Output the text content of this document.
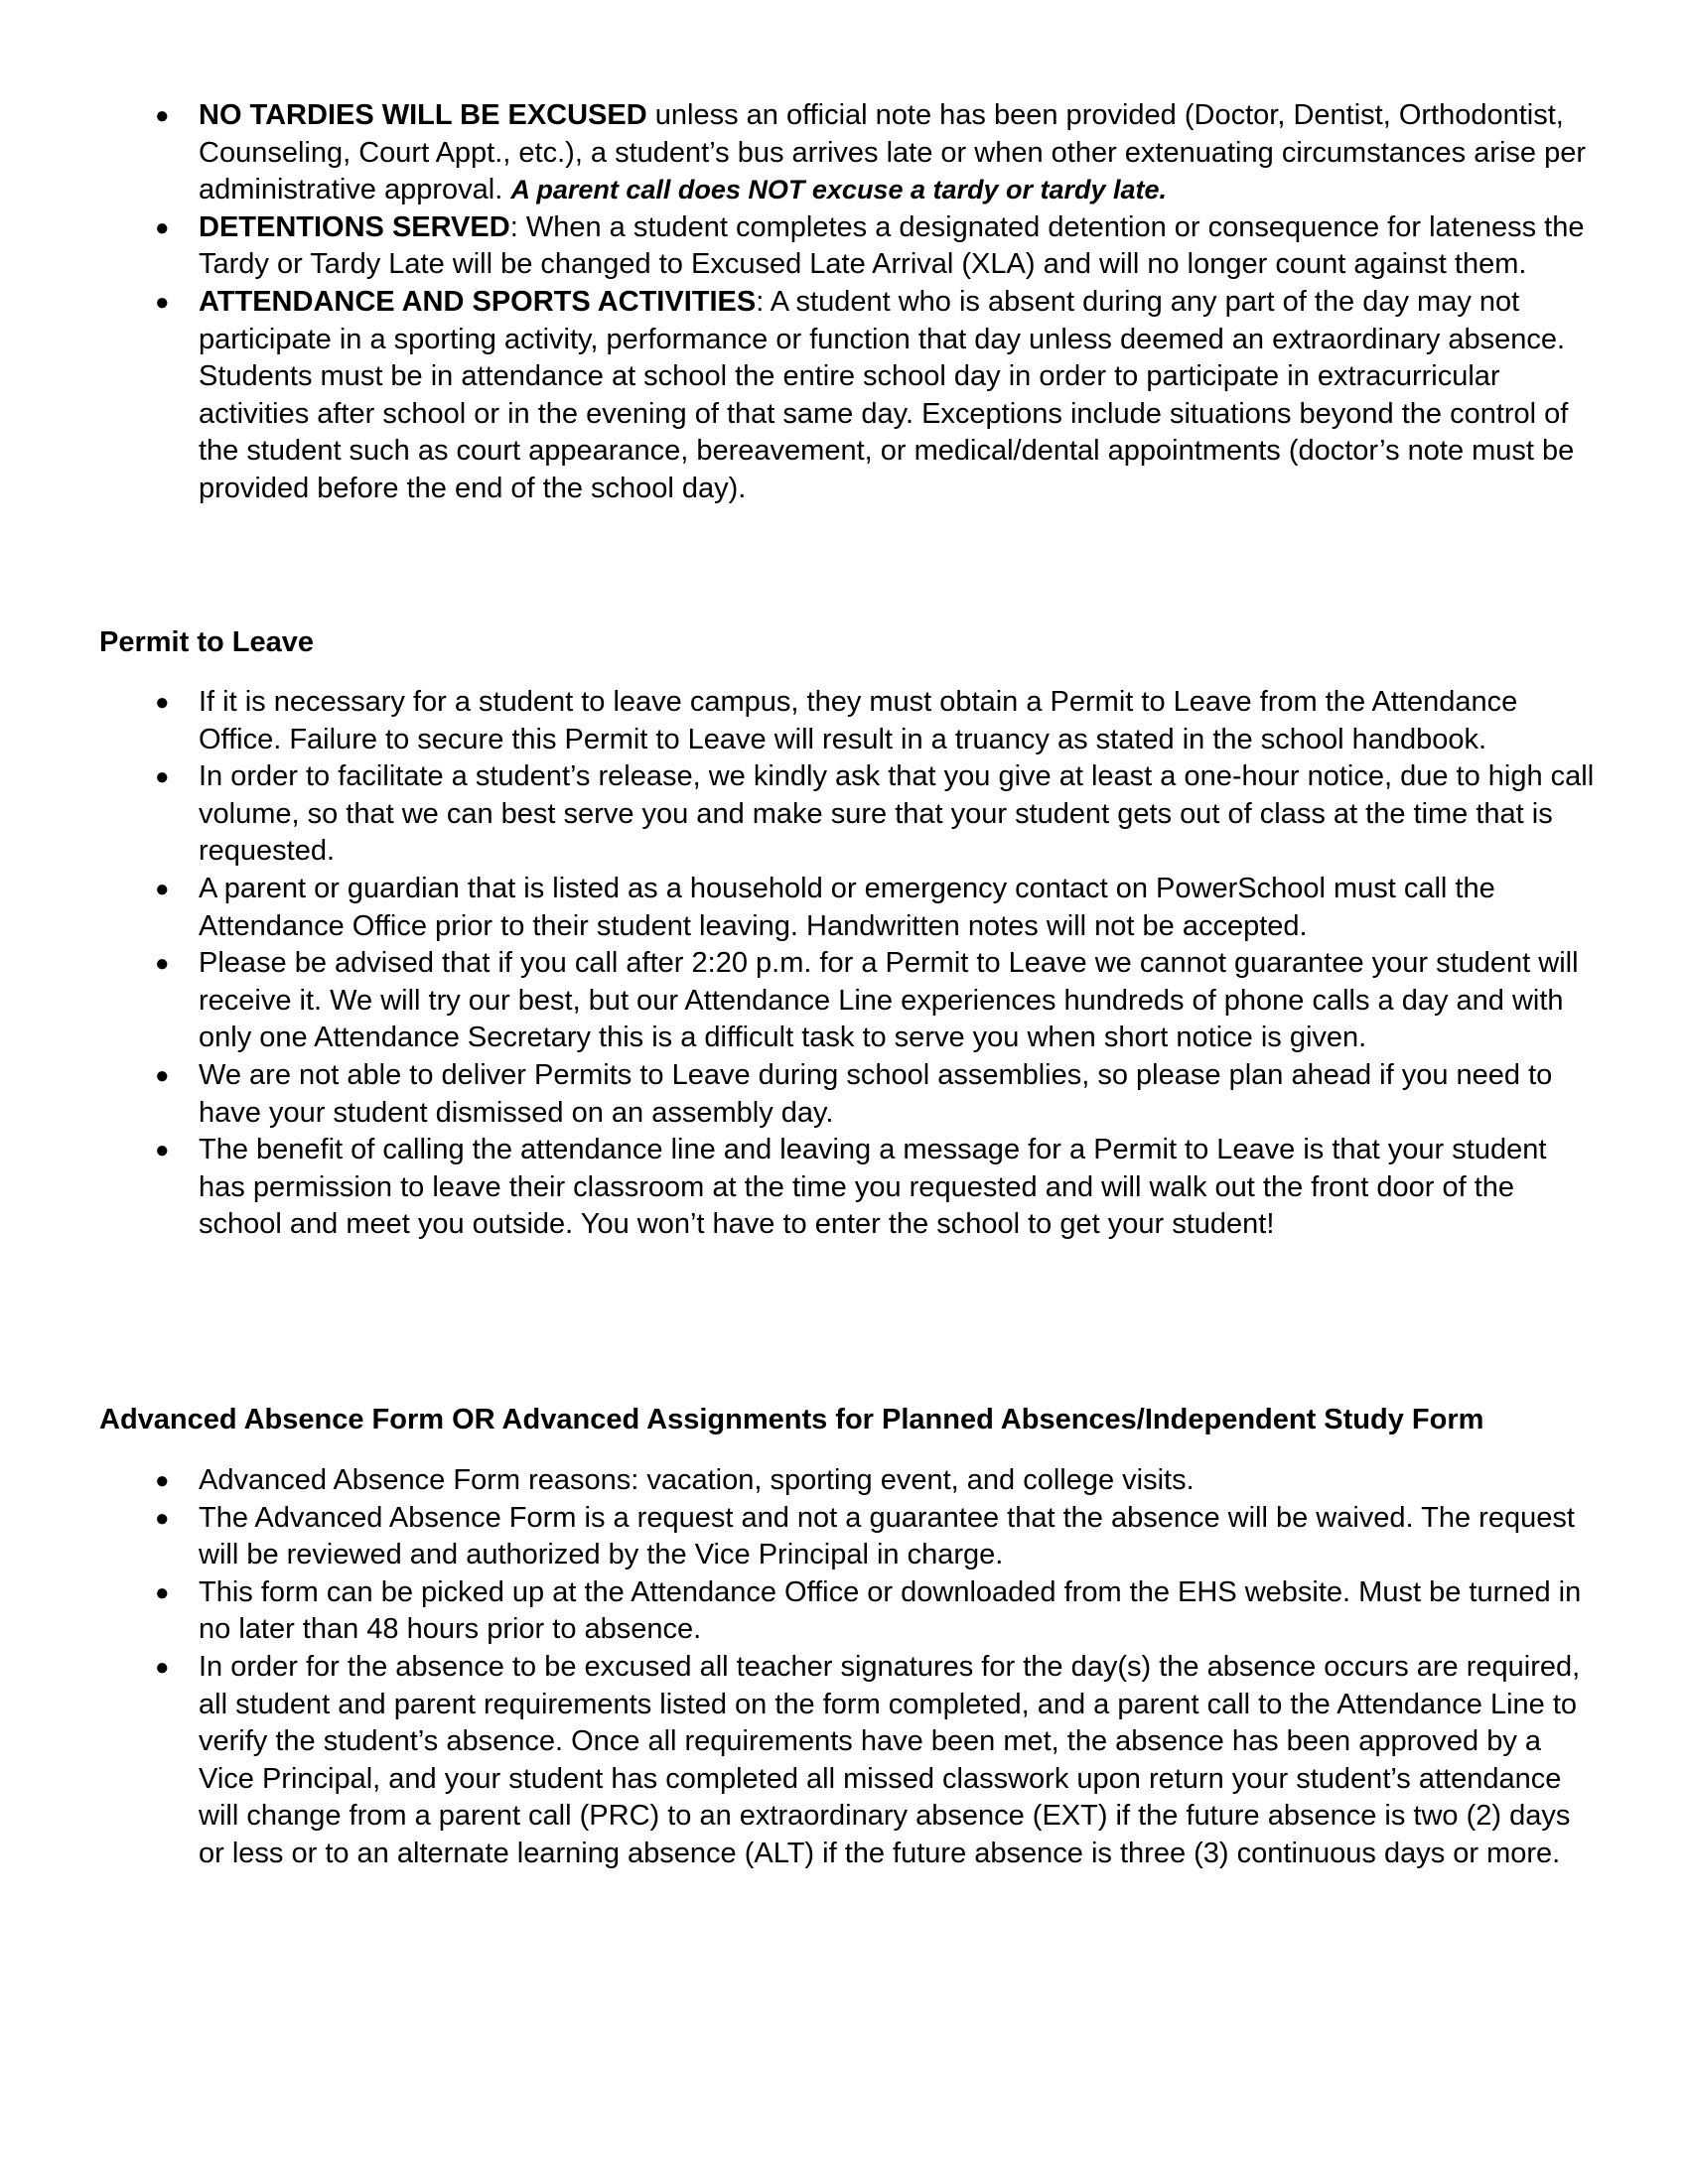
● NO TARDIES WILL BE EXCUSED unless an official note has been provided (Doctor, Dentist, Orthodontist, Counseling, Court Appt., etc.), a student’s bus arrives late or when other extenuating circumstances arise per administrative approval. A parent call does NOT excuse a tardy or tardy late.
● DETENTIONS SERVED: When a student completes a designated detention or consequence for lateness the Tardy or Tardy Late will be changed to Excused Late Arrival (XLA) and will no longer count against them.
● ATTENDANCE AND SPORTS ACTIVITIES: A student who is absent during any part of the day may not participate in a sporting activity, performance or function that day unless deemed an extraordinary absence. Students must be in attendance at school the entire school day in order to participate in extracurricular activities after school or in the evening of that same day. Exceptions include situations beyond the control of the student such as court appearance, bereavement, or medical/dental appointments (doctor’s note must be provided before the end of the school day).
Permit to Leave
● If it is necessary for a student to leave campus, they must obtain a Permit to Leave from the Attendance Office. Failure to secure this Permit to Leave will result in a truancy as stated in the school handbook.
● In order to facilitate a student’s release, we kindly ask that you give at least a one-hour notice, due to high call volume, so that we can best serve you and make sure that your student gets out of class at the time that is requested.
● A parent or guardian that is listed as a household or emergency contact on PowerSchool must call the Attendance Office prior to their student leaving. Handwritten notes will not be accepted.
● Please be advised that if you call after 2:20 p.m. for a Permit to Leave we cannot guarantee your student will receive it. We will try our best, but our Attendance Line experiences hundreds of phone calls a day and with only one Attendance Secretary this is a difficult task to serve you when short notice is given.
● We are not able to deliver Permits to Leave during school assemblies, so please plan ahead if you need to have your student dismissed on an assembly day.
● The benefit of calling the attendance line and leaving a message for a Permit to Leave is that your student has permission to leave their classroom at the time you requested and will walk out the front door of the school and meet you outside. You won’t have to enter the school to get your student!
Advanced Absence Form OR Advanced Assignments for Planned Absences/Independent Study Form
● Advanced Absence Form reasons: vacation, sporting event, and college visits.
● The Advanced Absence Form is a request and not a guarantee that the absence will be waived. The request will be reviewed and authorized by the Vice Principal in charge.
● This form can be picked up at the Attendance Office or downloaded from the EHS website. Must be turned in no later than 48 hours prior to absence.
● In order for the absence to be excused all teacher signatures for the day(s) the absence occurs are required, all student and parent requirements listed on the form completed, and a parent call to the Attendance Line to verify the student’s absence. Once all requirements have been met, the absence has been approved by a Vice Principal, and your student has completed all missed classwork upon return your student’s attendance will change from a parent call (PRC) to an extraordinary absence (EXT) if the future absence is two (2) days or less or to an alternate learning absence (ALT) if the future absence is three (3) continuous days or more.
